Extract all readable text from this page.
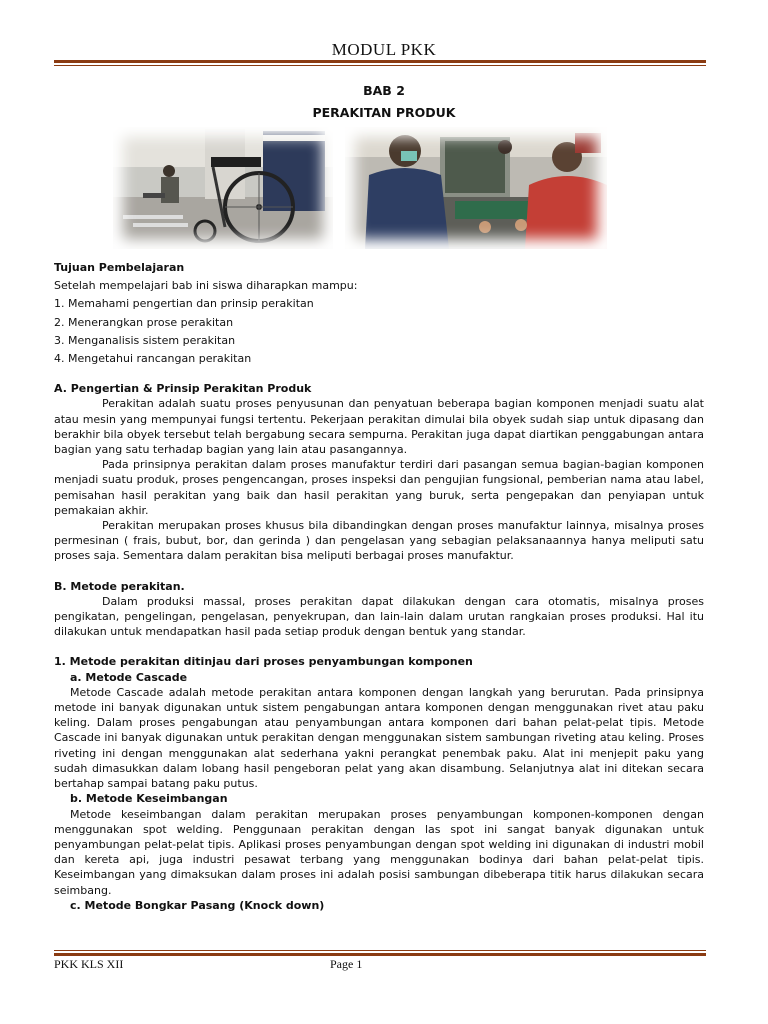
MODUL PKK
BAB 2
PERAKITAN PRODUK

Tujuan Pembelajaran

Setelah mempelajari bab ini siswa diharapkan mampu:

1. Memahami pengertian dan prinsip perakitan

2. Menerangkan prose perakitan

3. Menganalisis sistem perakitan

4. Mengetahui rancangan perakitan

A. Pengertian & Prinsip Perakitan Produk

Perakitan adalah suatu proses penyusunan dan penyatuan beberapa bagian komponen menjadi suatu alat atau mesin yang mempunyai fungsi tertentu. Pekerjaan perakitan dimulai bila obyek sudah siap untuk dipasang dan berakhir bila obyek tersebut telah bergabung secara sempurna. Perakitan juga dapat diartikan penggabungan antara bagian yang satu terhadap bagian yang lain atau pasangannya.

Pada prinsipnya perakitan dalam proses manufaktur terdiri dari pasangan semua bagian-bagian komponen menjadi suatu produk, proses pengencangan, proses inspeksi dan pengujian fungsional, pemberian nama atau label, pemisahan hasil perakitan yang baik dan hasil perakitan yang buruk, serta pengepakan dan penyiapan untuk pemakaian akhir.

Perakitan merupakan proses khusus bila dibandingkan dengan proses manufaktur lainnya, misalnya proses permesinan ( frais, bubut, bor, dan gerinda ) dan pengelasan yang sebagian pelaksanaannya hanya meliputi satu proses saja. Sementara dalam perakitan bisa meliputi berbagai proses manufaktur.

B. Metode perakitan.

Dalam produksi massal, proses perakitan dapat dilakukan dengan cara otomatis, misalnya proses pengikatan, pengelingan, pengelasan, penyekrupan, dan lain-lain dalam urutan rangkaian proses produksi. Hal itu dilakukan untuk mendapatkan hasil pada setiap produk dengan bentuk yang standar.

1. Metode perakitan ditinjau dari proses penyambungan komponen

a. Metode Cascade

Metode Cascade adalah metode perakitan antara komponen dengan langkah yang berurutan. Pada prinsipnya metode ini banyak digunakan untuk sistem pengabungan antara komponen dengan menggunakan rivet atau paku keling. Dalam proses pengabungan atau penyambungan antara komponen dari bahan pelat-pelat tipis. Metode Cascade ini banyak digunakan untuk perakitan dengan menggunakan sistem sambungan riveting atau keling. Proses riveting ini dengan menggunakan alat sederhana yakni perangkat penembak paku. Alat ini menjepit paku yang sudah dimasukkan dalam lobang hasil pengeboran pelat yang akan disambung. Selanjutnya alat ini ditekan secara bertahap sampai batang paku putus.

b. Metode Keseimbangan

Metode keseimbangan dalam perakitan merupakan proses penyambungan komponen-komponen dengan menggunakan spot welding. Penggunaan perakitan dengan las spot ini sangat banyak digunakan untuk penyambungan pelat-pelat tipis. Aplikasi proses penyambungan dengan spot welding ini digunakan di industri mobil dan kereta api, juga industri pesawat terbang yang menggunakan bodinya dari bahan pelat-pelat tipis. Keseimbangan yang dimaksukan dalam proses ini adalah posisi sambungan dibeberapa titik harus dilakukan secara seimbang.

c. Metode Bongkar Pasang (Knock down)

PKK KLS XII	Page 1
